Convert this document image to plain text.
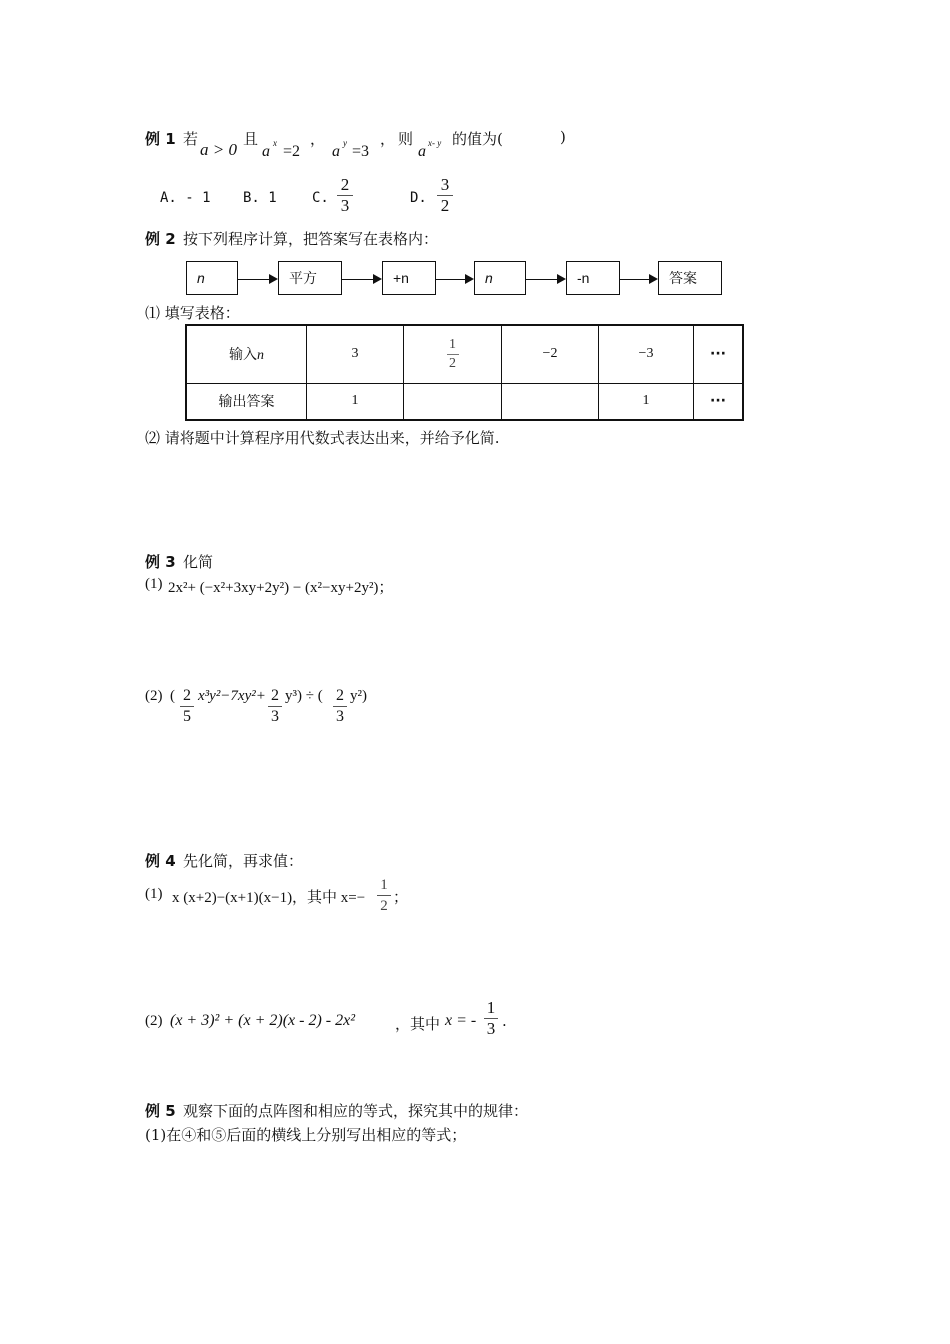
例 1 若
a > 0
且
a x =2
，
a y =3
， 则
a x- y 的值为(	)
A. - 1 B. 1	C.
2
3	D.
3
2
例 2 按下列程序计算，把答案写在表格内：
n	平方	+n	n	-n	答案
⑴ 填写表格：
输入n	3	$\frac{1}{2}$	−2	−3	···
输出答案	1			1	···
⑵ 请将题中计算程序用代数式表达出来，并给予化简.
例 3 化简
(1) 2x²+ (−x²+3xy+2y²) − (x²−xy+2y²)；
(2) ( 2
5
x³y²−7xy²+ 2
3
y³) ÷ ( 2
3
y²)
例 4 先化简，再求值：
(1) x (x+2)−(x+1)(x−1)，其中 x=−
1
2 ；
(2) (x + 3)² + (x + 2)(x - 2) - 2x²	，其中 x = -
1
3 .
例 5 观察下面的点阵图和相应的等式，探究其中的规律：
(1)在④和⑤后面的横线上分别写出相应的等式；
